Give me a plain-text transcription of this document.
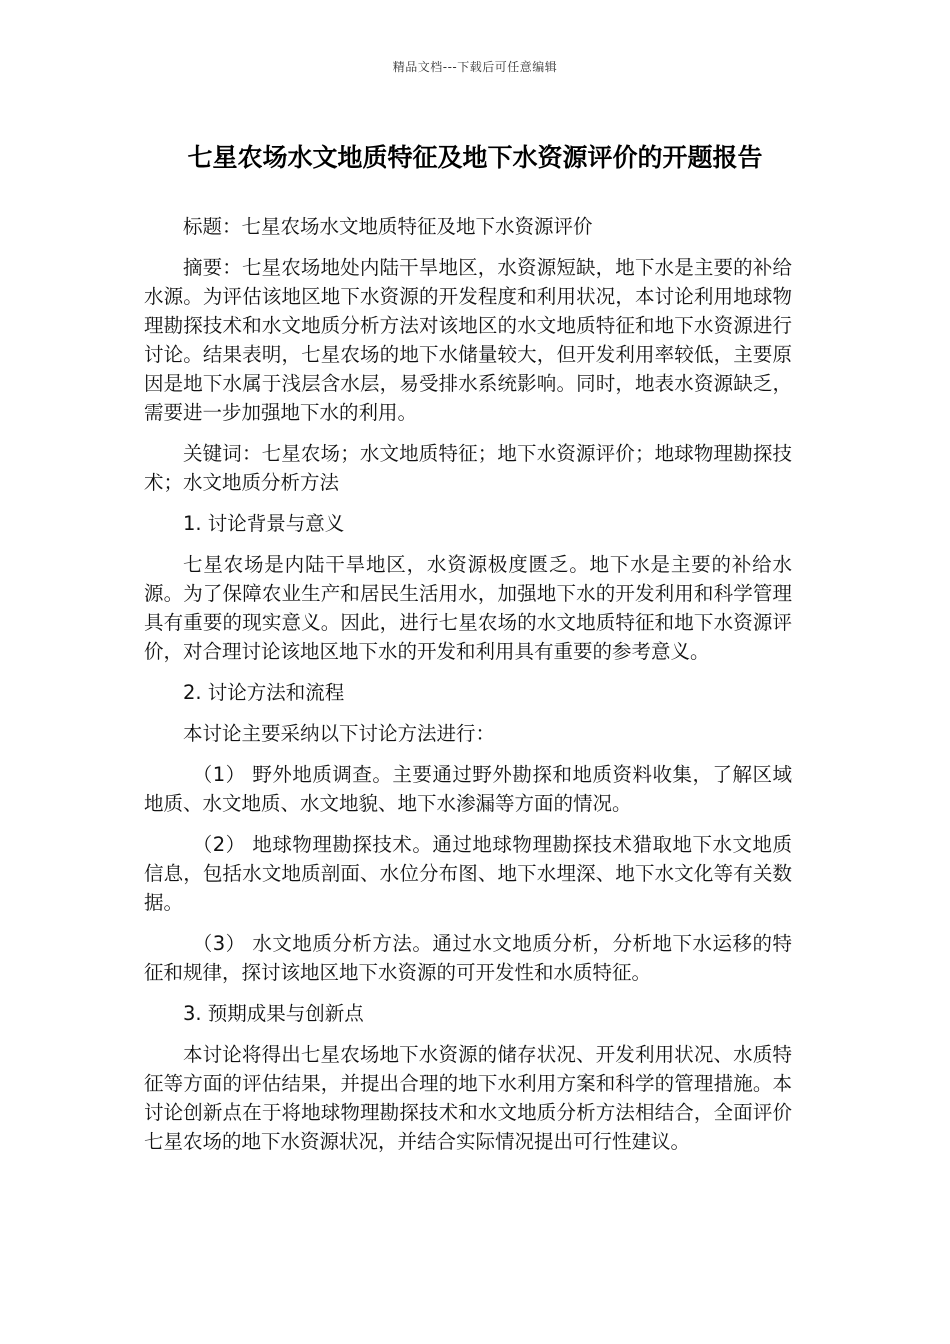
精品文档---下载后可任意编辑
七星农场水文地质特征及地下水资源评价的开题报告

标题：七星农场水文地质特征及地下水资源评价

摘要：七星农场地处内陆干旱地区，水资源短缺，地下水是主要的补给水源。为评估该地区地下水资源的开发程度和利用状况，本讨论利用地球物理勘探技术和水文地质分析方法对该地区的水文地质特征和地下水资源进行讨论。结果表明，七星农场的地下水储量较大，但开发利用率较低，主要原因是地下水属于浅层含水层，易受排水系统影响。同时，地表水资源缺乏，需要进一步加强地下水的利用。

关键词：七星农场；水文地质特征；地下水资源评价；地球物理勘探技术；水文地质分析方法

1. 讨论背景与意义

七星农场是内陆干旱地区，水资源极度匮乏。地下水是主要的补给水源。为了保障农业生产和居民生活用水，加强地下水的开发利用和科学管理具有重要的现实意义。因此，进行七星农场的水文地质特征和地下水资源评价，对合理讨论该地区地下水的开发和利用具有重要的参考意义。

2. 讨论方法和流程

本讨论主要采纳以下讨论方法进行：

（1） 野外地质调查。主要通过野外勘探和地质资料收集，了解区域地质、水文地质、水文地貌、地下水渗漏等方面的情况。

（2） 地球物理勘探技术。通过地球物理勘探技术猎取地下水文地质信息，包括水文地质剖面、水位分布图、地下水埋深、地下水文化等有关数据。

（3） 水文地质分析方法。通过水文地质分析，分析地下水运移的特征和规律，探讨该地区地下水资源的可开发性和水质特征。

3. 预期成果与创新点

本讨论将得出七星农场地下水资源的储存状况、开发利用状况、水质特征等方面的评估结果，并提出合理的地下水利用方案和科学的管理措施。本讨论创新点在于将地球物理勘探技术和水文地质分析方法相结合，全面评价七星农场的地下水资源状况，并结合实际情况提出可行性建议。
